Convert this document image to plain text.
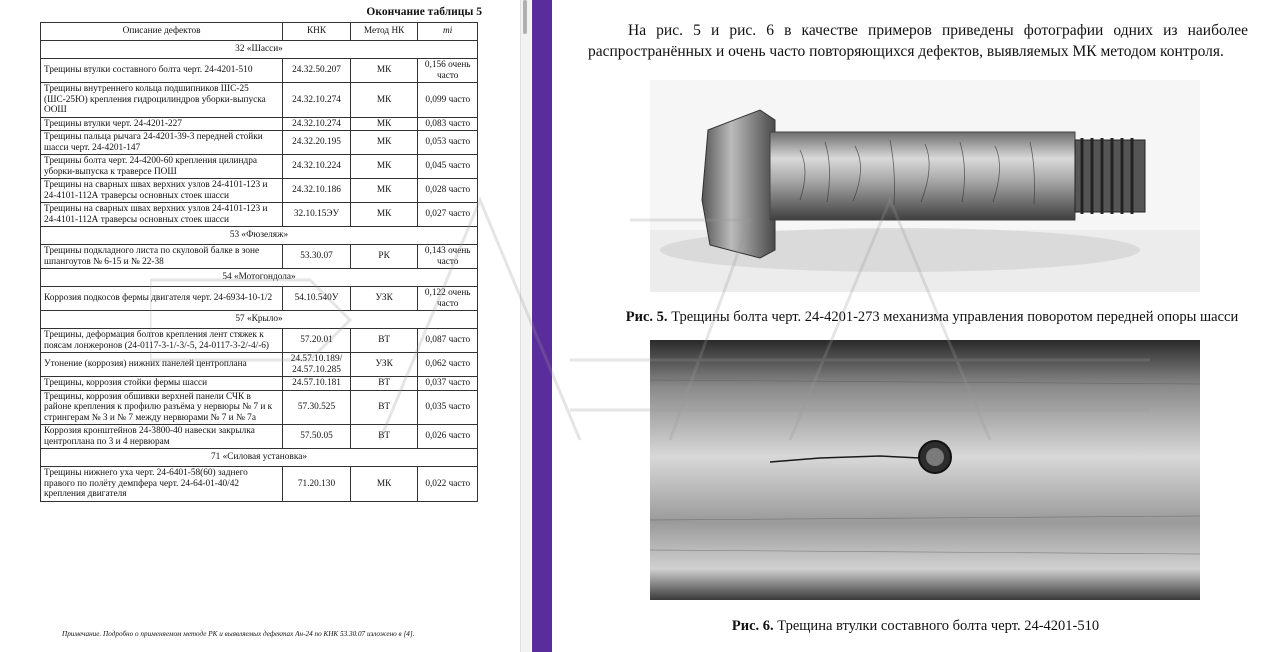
Окончание таблицы 5
Описание дефектов	КНК	Метод НК	mi
32 «Шасси»			
Трещины втулки составного болта черт. 24-4201-510	24.32.50.207	МК	0,156 очень часто
Трещины внутреннего кольца подшипников ШС-25 (ШС-25Ю) крепления гидроцилиндров уборки-выпуска ООШ	24.32.10.274	МК	0,099 часто
Трещины втулки черт. 24-4201-227	24.32.10.274	МК	0,083 часто
Трещины пальца рычага 24-4201-39-3 передней стойки шасси черт. 24-4201-147	24.32.20.195	МК	0,053 часто
Трещины болта черт. 24-4200-60 крепления цилиндра уборки-выпуска к траверсе ПОШ	24.32.10.224	МК	0,045 часто
Трещины на сварных швах верхних узлов 24-4101-123 и 24-4101-112А траверсы основных стоек шасси	24.32.10.186	МК	0,028 часто
Трещины на сварных швах верхних узлов 24-4101-123 и 24-4101-112А траверсы основных стоек шасси	32.10.15ЭУ	МК	0,027 часто
53 «Фюзеляж»			
Трещины подкладного листа по скуловой балке в зоне шпангоутов № 6-15 и № 22-38	53.30.07	РК	0,143 очень часто
54 «Мотогондола»			
Коррозия подкосов фермы двигателя черт. 24-6934-10-1/2	54.10.540У	УЗК	0,122 очень часто
57 «Крыло»			
Трещины, деформация болтов крепления лент стяжек к поясам лонжеронов (24-0117-3-1/-3/-5, 24-0117-3-2/-4/-6)	57.20.01	ВТ	0,087 часто
Утонение (коррозия) нижних панелей центроплана	24.57.10.189/ 24.57.10.285	УЗК	0,062 часто
Трещины, коррозия стойки фермы шасси	24.57.10.181	ВТ	0,037 часто
Трещины, коррозия обшивки верхней панели СЧК в районе крепления к профилю разъёма у нервюры № 7 и к стрингерам № 3 и № 7 между нервюрами № 7 и № 7а	57.30.525	ВТ	0,035 часто
Коррозия кронштейнов 24-3800-40 навески закрылка центроплана по 3 и 4 нервюрам	57.50.05	ВТ	0,026 часто
71 «Силовая установка»			
Трещины нижнего уха черт. 24-6401-58(60) заднего правого по полёту демпфера черт. 24-64-01-40/42 крепления двигателя	71.20.130	МК	0,022 часто
Примечание. Подробно о применяемом методе РК и выявляемых дефектах Ан-24 по КНК 53.30.07 изложено в [4].
На рис. 5 и рис. 6 в качестве примеров приведены фотографии одних из наиболее распространённых и очень часто повторяющихся дефектов, выявляемых МК методом контроля.
Рис. 5. Трещины болта черт. 24-4201-273 механизма управления поворотом передней опоры шасси
Рис. 6. Трещина втулки составного болта черт. 24-4201-510
